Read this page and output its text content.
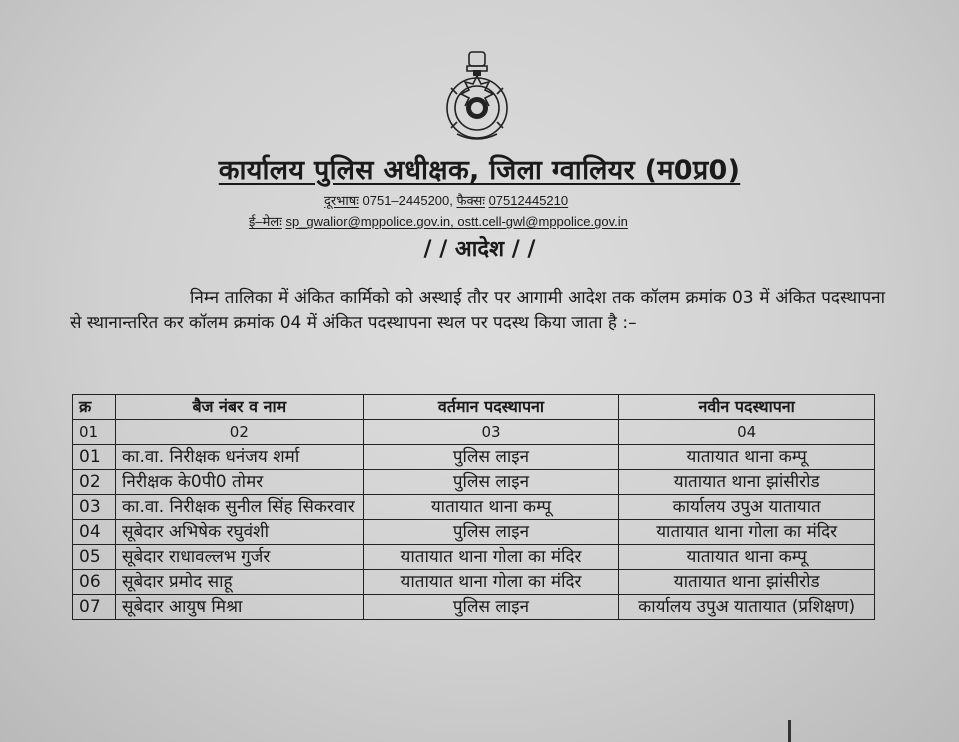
कार्यालय पुलिस अधीक्षक, जिला ग्वालियर (म0प्र0)
दूरभाषः 0751–2445200, फैक्सः 07512445210
ई–मेलः sp_gwalior@mppolice.gov.in, ostt.cell-gwl@mppolice.gov.in
/ / आदेश / /
निम्न तालिका में अंकित कार्मिको को अस्थाई तौर पर आगामी आदेश तक कॉलम क्रमांक 03 में अंकित पदस्थापना से स्थानान्तरित कर कॉलम क्रमांक 04 में अंकित पदस्थापना स्थल पर पदस्थ किया जाता है :–
क्र	बैज नंबर व नाम	वर्तमान पदस्थापना	नवीन पदस्थापना
01	02	03	04
01	का.वा. निरीक्षक धनंजय शर्मा	पुलिस लाइन	यातायात थाना कम्पू
02	निरीक्षक के0पी0 तोमर	पुलिस लाइन	यातायात थाना झांसीरोड
03	का.वा. निरीक्षक सुनील सिंह सिकरवार	यातायात थाना कम्पू	कार्यालय उपुअ यातायात
04	सूबेदार अभिषेक रघुवंशी	पुलिस लाइन	यातायात थाना गोला का मंदिर
05	सूबेदार राधावल्लभ गुर्जर	यातायात थाना गोला का मंदिर	यातायात थाना कम्पू
06	सूबेदार प्रमोद साहू	यातायात थाना गोला का मंदिर	यातायात थाना झांसीरोड
07	सूबेदार आयुष मिश्रा	पुलिस लाइन	कार्यालय उपुअ यातायात (प्रशिक्षण)
